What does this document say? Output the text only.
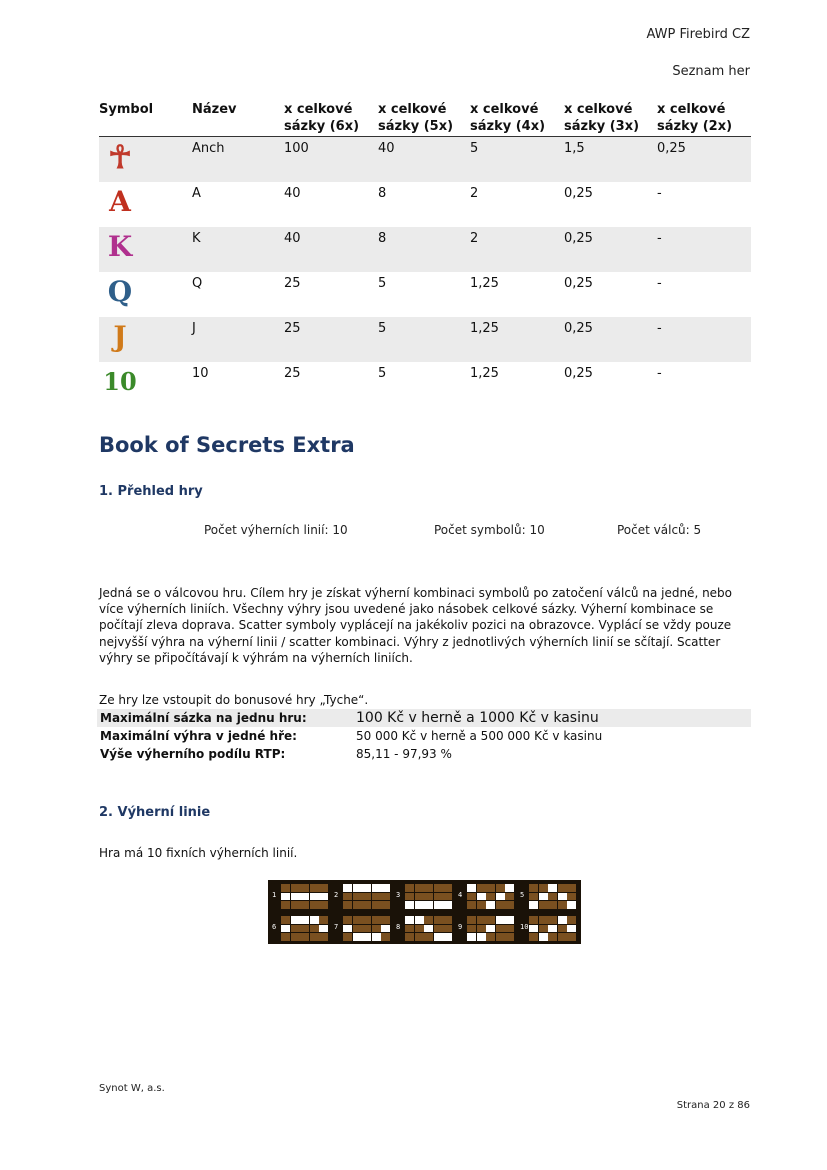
AWP Firebird CZ
Seznam her
Symbol	Název	x celkové sázky (6x)	x celkové sázky (5x)	x celkové sázky (4x)	x celkové sázky (3x)	x celkové sázky (2x)

☥	Anch	100	40	5	1,5	0,25

A	A	40	8	2	0,25	-

K	K	40	8	2	0,25	-

Q	Q	25	5	1,25	0,25	-

J	J	25	5	1,25	0,25	-

10	10	25	5	1,25	0,25	-
Book of Secrets Extra
1. Přehled hry
Počet výherních linií: 10	Počet symbolů: 10	Počet válců: 5

Jedná se o válcovou hru. Cílem hry je získat výherní kombinaci symbolů po zatočení válců na jedné, nebo více výherních liniích. Všechny výhry jsou uvedené jako násobek celkové sázky. Výherní kombinace se počítají zleva doprava. Scatter symboly vyplácejí na jakékoliv pozici na obrazovce. Vyplácí se vždy pouze nejvyšší výhra na výherní linii / scatter kombinaci. Výhry z jednotlivých výherních linií se sčítají. Scatter výhry se připočítávají k výhrám na výherních liniích.

Ze hry lze vstoupit do bonusové hry „Tyche“.

Maximální sázka na jednu hru:	100 Kč v herně a 1000 Kč v kasinu
Maximální výhra v jedné hře:	50 000 Kč v herně a 500 000 Kč v kasinu
Výše výherního podílu RTP:	85,11 - 97,93 %
2. Výherní linie

Hra má 10 fixních výherních linií.

1	2	3	4	5
6	7	8	9	10
Synot W, a.s.
Strana 20 z 86
